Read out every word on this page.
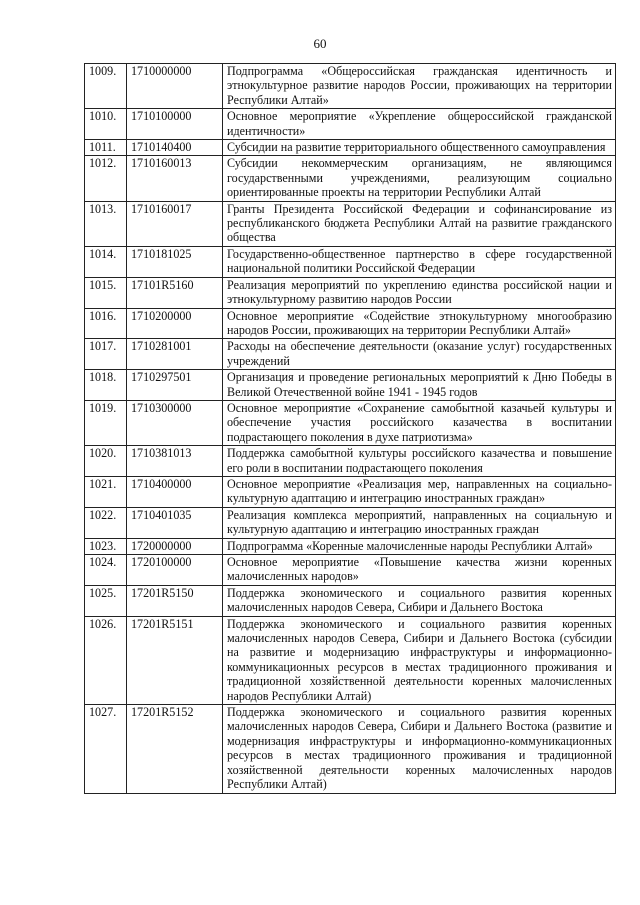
60
1009.	1710000000	Подпрограмма «Общероссийская гражданская идентичность и этнокультурное развитие народов России, проживающих на территории Республики Алтай»
1010.	1710100000	Основное мероприятие «Укрепление общероссийской гражданской идентичности»
1011.	1710140400	Субсидии на развитие территориального общественного самоуправления
1012.	1710160013	Субсидии некоммерческим организациям, не являющимся государственными учреждениями, реализующим социально ориентированные проекты на территории Республики Алтай
1013.	1710160017	Гранты Президента Российской Федерации и софинансирование из республиканского бюджета Республики Алтай на развитие гражданского общества
1014.	1710181025	Государственно-общественное партнерство в сфере государственной национальной политики Российской Федерации
1015.	17101R5160	Реализация мероприятий по укреплению единства российской нации и этнокультурному развитию народов России
1016.	1710200000	Основное мероприятие «Содействие этнокультурному многообразию народов России, проживающих на территории Республики Алтай»
1017.	1710281001	Расходы на обеспечение деятельности (оказание услуг) государственных учреждений
1018.	1710297501	Организация и проведение региональных мероприятий к Дню Победы в Великой Отечественной войне 1941 - 1945 годов
1019.	1710300000	Основное мероприятие «Сохранение самобытной казачьей культуры и обеспечение участия российского казачества в воспитании подрастающего поколения в духе патриотизма»
1020.	1710381013	Поддержка самобытной культуры российского казачества и повышение его роли в воспитании подрастающего поколения
1021.	1710400000	Основное мероприятие «Реализация мер, направленных на социально-культурную адаптацию и интеграцию иностранных граждан»
1022.	1710401035	Реализация комплекса мероприятий, направленных на социальную и культурную адаптацию и интеграцию иностранных граждан
1023.	1720000000	Подпрограмма «Коренные малочисленные народы Республики Алтай»
1024.	1720100000	Основное мероприятие «Повышение качества жизни коренных малочисленных народов»
1025.	17201R5150	Поддержка экономического и социального развития коренных малочисленных народов Севера, Сибири и Дальнего Востока
1026.	17201R5151	Поддержка экономического и социального развития коренных малочисленных народов Севера, Сибири и Дальнего Востока (субсидии на развитие и модернизацию инфраструктуры и информационно-коммуникационных ресурсов в местах традиционного проживания и традиционной хозяйственной деятельности коренных малочисленных народов Республики Алтай)
1027.	17201R5152	Поддержка экономического и социального развития коренных малочисленных народов Севера, Сибири и Дальнего Востока (развитие и модернизация инфраструктуры и информационно-коммуникационных ресурсов в местах традиционного проживания и традиционной хозяйственной деятельности коренных малочисленных народов Республики Алтай)
